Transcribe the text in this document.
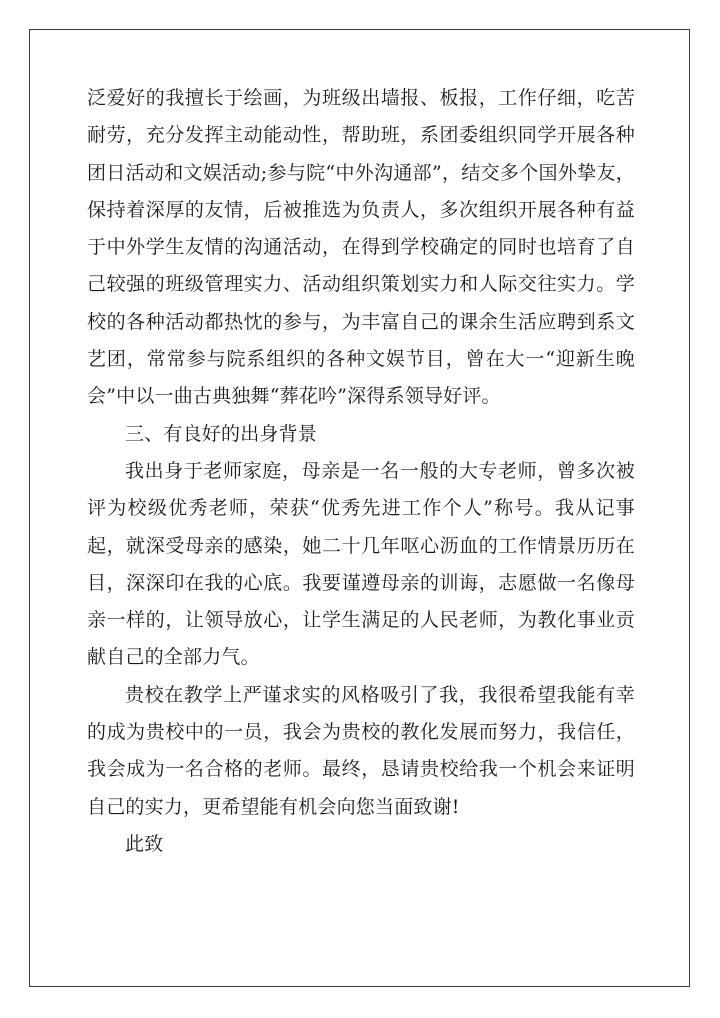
泛爱好的我擅长于绘画，为班级出墙报、板报，工作仔细，吃苦
耐劳，充分发挥主动能动性，帮助班，系团委组织同学开展各种
团日活动和文娱活动;参与院“中外沟通部”，结交多个国外挚友，
保持着深厚的友情，后被推选为负责人，多次组织开展各种有益
于中外学生友情的沟通活动，在得到学校确定的同时也培育了自
己较强的班级管理实力、活动组织策划实力和人际交往实力。学
校的各种活动都热忱的参与，为丰富自己的课余生活应聘到系文
艺团，常常参与院系组织的各种文娱节目，曾在大一“迎新生晚
会”中以一曲古典独舞“葬花吟”深得系领导好评。
三、有良好的出身背景
我出身于老师家庭，母亲是一名一般的大专老师，曾多次被
评为校级优秀老师，荣获“优秀先进工作个人”称号。我从记事
起，就深受母亲的感染，她二十几年呕心沥血的工作情景历历在
目，深深印在我的心底。我要谨遵母亲的训诲，志愿做一名像母
亲一样的，让领导放心，让学生满足的人民老师，为教化事业贡
献自己的全部力气。
贵校在教学上严谨求实的风格吸引了我，我很希望我能有幸
的成为贵校中的一员，我会为贵校的教化发展而努力，我信任，
我会成为一名合格的老师。最终，恳请贵校给我一个机会来证明
自己的实力，更希望能有机会向您当面致谢!
此致
